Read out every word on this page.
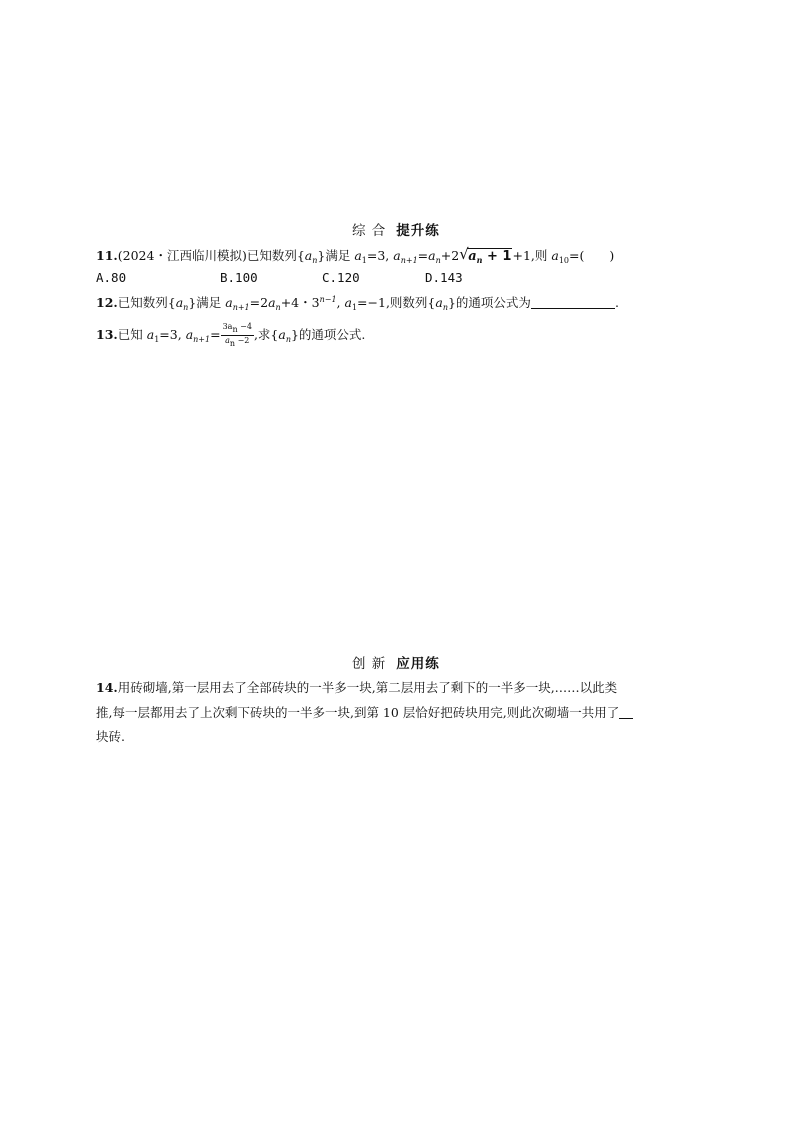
综 合 提升练
11.(2024・江西临川模拟)已知数列$\{a_n\}$满足 $a_1=3$, $a_{n+1}=a_n+2$ √ $a_n + 1+1$,则 $a_{10}=$(　　)
A.80	B.100	C.120	D.143
12.已知数列$\{a_n\}$满足 $a_{n+1}=2a_n+4$・$3^{n-1}$, $a_1=-1$,则数列$\{a_n\}$的通项公式为	.
13.已知 $a_1=3$, $a_{n+1}= \frac{3a_n -4}{a_n -2}$ ,求$\{a_n\}$的通项公式.
创 新 应用练
14.用砖砌墙,第一层用去了全部砖块的一半多一块,第二层用去了剩下的一半多一块,……以此类
推,每一层都用去了上次剩下砖块的一半多一块,到第 10 层恰好把砖块用完,则此次砌墙一共用了
块砖.
